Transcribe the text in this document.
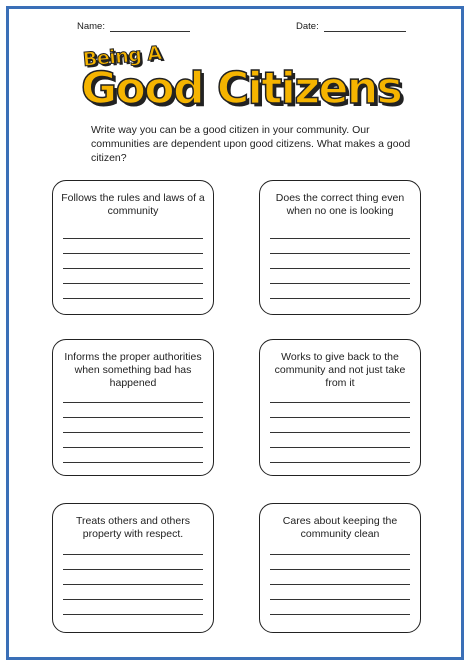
Name:	Date:
Being A
Good Citizens
Write way you can be a good citizen in your community. Our communities are dependent upon good citizens. What makes a good citizen?
Follows the rules and laws of a community
Does the correct thing even when no one is looking
Informs the proper authorities when something bad has happened
Works to give back to the community and not just take from it
Treats others and others property with respect.
Cares about keeping the community clean
